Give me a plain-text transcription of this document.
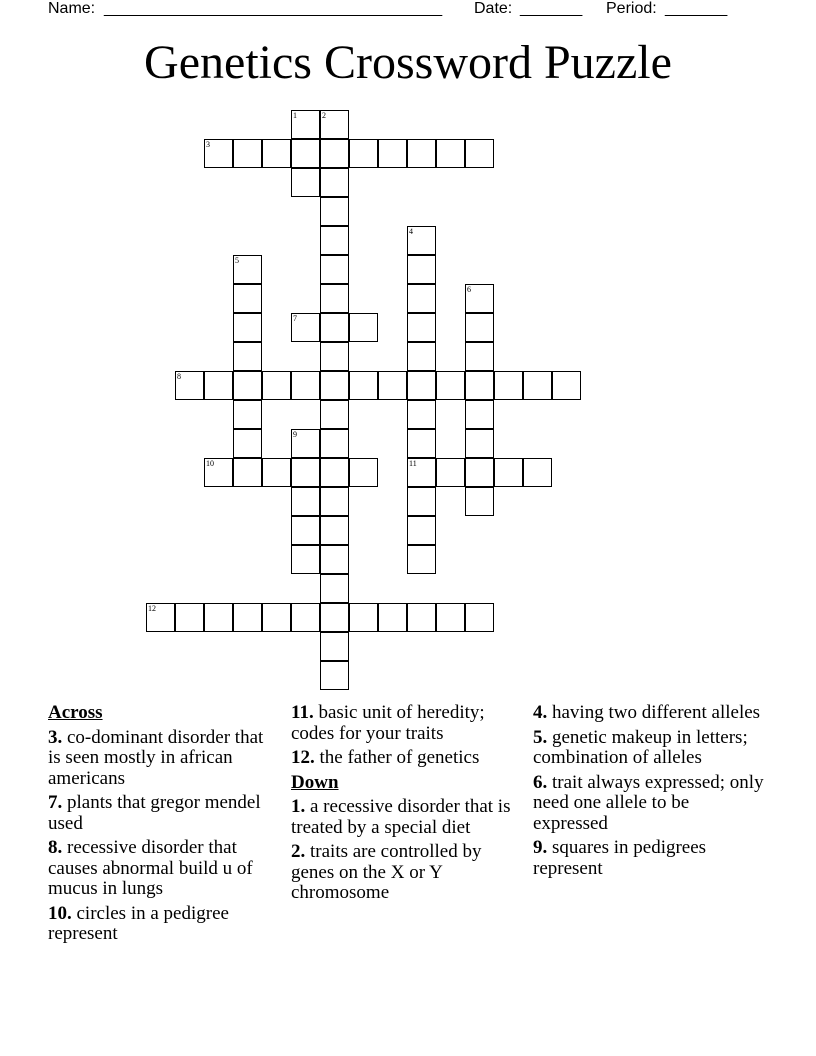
Name:

______________________________________

Date:

_______

Period:

_______

Genetics Crossword Puzzle
1	2
3
4
11
5
6
7
8
9
10
12
Across
3. co-dominant disorder that is seen mostly in african americans
7. plants that gregor mendel used
8. recessive disorder that causes abnormal build u of mucus in lungs
10. circles in a pedigree represent
11. basic unit of heredity; codes for your traits
12. the father of genetics
Down
1. a recessive disorder that is treated by a special diet
2. traits are controlled by genes on the X or Y chromosome
4. having two different alleles
5. genetic makeup in letters; combination of alleles
6. trait always expressed; only need one allele to be expressed
9. squares in pedigrees represent
